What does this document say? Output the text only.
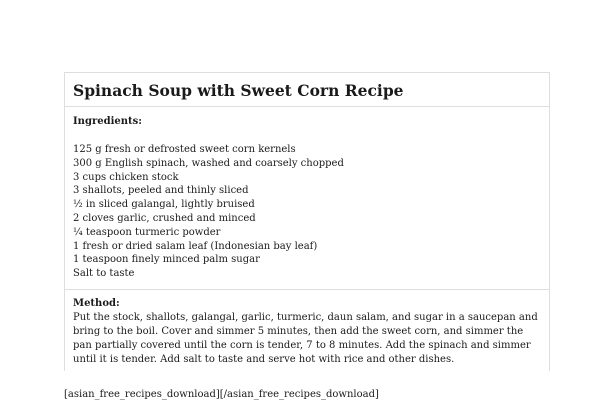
Spinach Soup with Sweet Corn Recipe
Ingredients:
125 g fresh or defrosted sweet corn kernels
300 g English spinach, washed and coarsely chopped
3 cups chicken stock
3 shallots, peeled and thinly sliced
½ in sliced galangal, lightly bruised
2 cloves garlic, crushed and minced
¼ teaspoon turmeric powder
1 fresh or dried salam leaf (Indonesian bay leaf)
1 teaspoon finely minced palm sugar
Salt to taste
Method:

Put the stock, shallots, galangal, garlic, turmeric, daun salam, and sugar in a saucepan and bring to the boil. Cover and simmer 5 minutes, then add the sweet corn, and simmer the pan partially covered until the corn is tender, 7 to 8 minutes. Add the spinach and simmer until it is tender. Add salt to taste and serve hot with rice and other dishes.

[asian_free_recipes_download][/asian_free_recipes_download]
